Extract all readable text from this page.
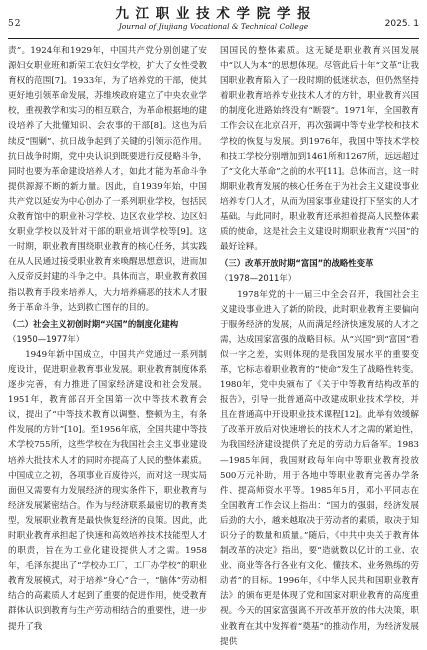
52
九 江 职 业 技 术 学 院 学 报
Journal of Jiujiang Vocational & Technical College	2025. 1

责”。1924年和1929年，中国共产党分别创建了安源妇女职业班和新荣工农妇女学校，扩大了女性受教育权的范围[7]。1933年，为了培养党的干部，使其更好地引领革命发展，苏维埃政府建立了中央农业学校，重视教学和实习的相互联合，为革命根据地的建设培养了大批懂知识、会农事的干部[8]。这也为后续反“围剿”、抗日战争起到了关键的引领示范作用。抗日战争时期，党中央认识到既要进行反侵略斗争，同时也要为革命建设培养人才，如此才能为革命斗争提供源源不断的新力量。因此，自1939年始，中国共产党以延安为中心创办了一系列职业学校，包括民众教育馆中的职业补习学校、边区农业学校、边区妇女职业学校以及针对干部的职业培训学校等[9]。这一时期，职业教育围绕职业教育的核心任务，其实践在从人民通过接受职业教育来唤醒思想意识，进而加入反帝反封建的斗争之中。具体而言，职业教育救国指以教育手段来培养人，大力培养痛恶的技术人才服务于革命斗争，达到救亡图存的目的。

（二）社会主义初创时期“兴国”的制度化建构
（1950—1977年）

1949年新中国成立，中国共产党通过一系列制度设计，促进职业教育事业发展。职业教育制度体系逐步完善，有力推进了国家经济建设和社会发展。1951年，教育部召开全国第一次中等技术教育会议，提出了“中等技术教育以调整、整顿为主，有条件发展的方针”[10]。至1956年底，全国共建中等技术学校755所，这些学校在为我国社会主义事业建设培养大批技术人才的同时亦提高了人民的整体素质。中国成立之初，各项事业百废待兴，而对这一现实局面但又需要有力发展经济的现实条件下，职业教育与经济发展紧密结合。作为与经济联系最密切的教育类型，发展职业教育是最快恢复经济的良策。因此，此时职业教育承担起了快速和高效培养技术技能型人才的职责，旨在为工业化建设提供人才之需。1958年，毛泽东提出了“学校办工厂，工厂办学校”的职业教育发展模式，对于培养“身心”合一，“脑体”劳动相结合的高素质人才起到了重要的促进作用，使受教育群体认识到教育与生产劳动相结合的重要性，进一步提升了我

国国民的整体素质。这无疑是职业教育兴国发展中“以人为本”的思想体现。尽管此后十年“文革”让我国职业教育陷入了一段时期的低迷状态，但仍然坚持着职业教育培养专业技术人才的方针，职业教育兴国的制度化进路始终没有“断裂”。1971年，全国教育工作会议在北京召开，再次强调中等专业学校和技术学校的恢复与发展。到1976年，我国中等技术学校和技工学校分别增加到1461所和1267所，远远超过了“文化大革命”之前的水平[11]。总体而言，这一时期职业教育发展的核心任务在于为社会主义建设事业培养专门人才，从而为国家事业建设打下坚实的人才基础。与此同时，职业教育还承担着提高人民整体素质的使命，这是社会主义建设时期职业教育“兴国”的最好诠释。

（三）改革开放时期“富国”的战略性变革
（1978—2011年）

1978年党的十一届三中全会召开，我国社会主义建设事业进入了新的阶段，此时职业教育主要偏向于服务经济的发展，从而满足经济快速发展的人才之需，达成国家富强的战略目标。从“兴国”到“富国”看似一字之差，实则体现的是我国发展水平的重要变革，它标志着职业教育的“使命”发生了战略性转变。1980年，党中央颁布了《关于中等教育结构改革的报告》，引导一批普通高中改建成职业技术学校，并且在普通高中开设职业技术课程[12]。此举有效缓解了改革开放后对快速增长的技术人才之需的紧迫性，为我国经济建设提供了充足的劳动力后备军。1983—1985年间，我国财政每年向中等职业教育投放500万元补助，用于各地中等职业教育完善办学条件、提高师资水平等。1985年5月，邓小平同志在全国教育工作会议上指出：“国力的强弱，经济发展后劲的大小，越来越取决于劳动者的素质，取决于知识分子的数量和质量。”随后，《中共中央关于教育体制改革的决定》指出，要“造就数以亿计的工业、农业、商业等各行各业有文化、懂技术、业务熟练的劳动者”的目标。1996年，《中华人民共和国职业教育法》的颁布更是体现了党和国家对职业教育的高度重视。今天的国家富强离不开改革开放的伟大决策，职业教育在其中发挥着“奠基”的推动作用，为经济发展提供
